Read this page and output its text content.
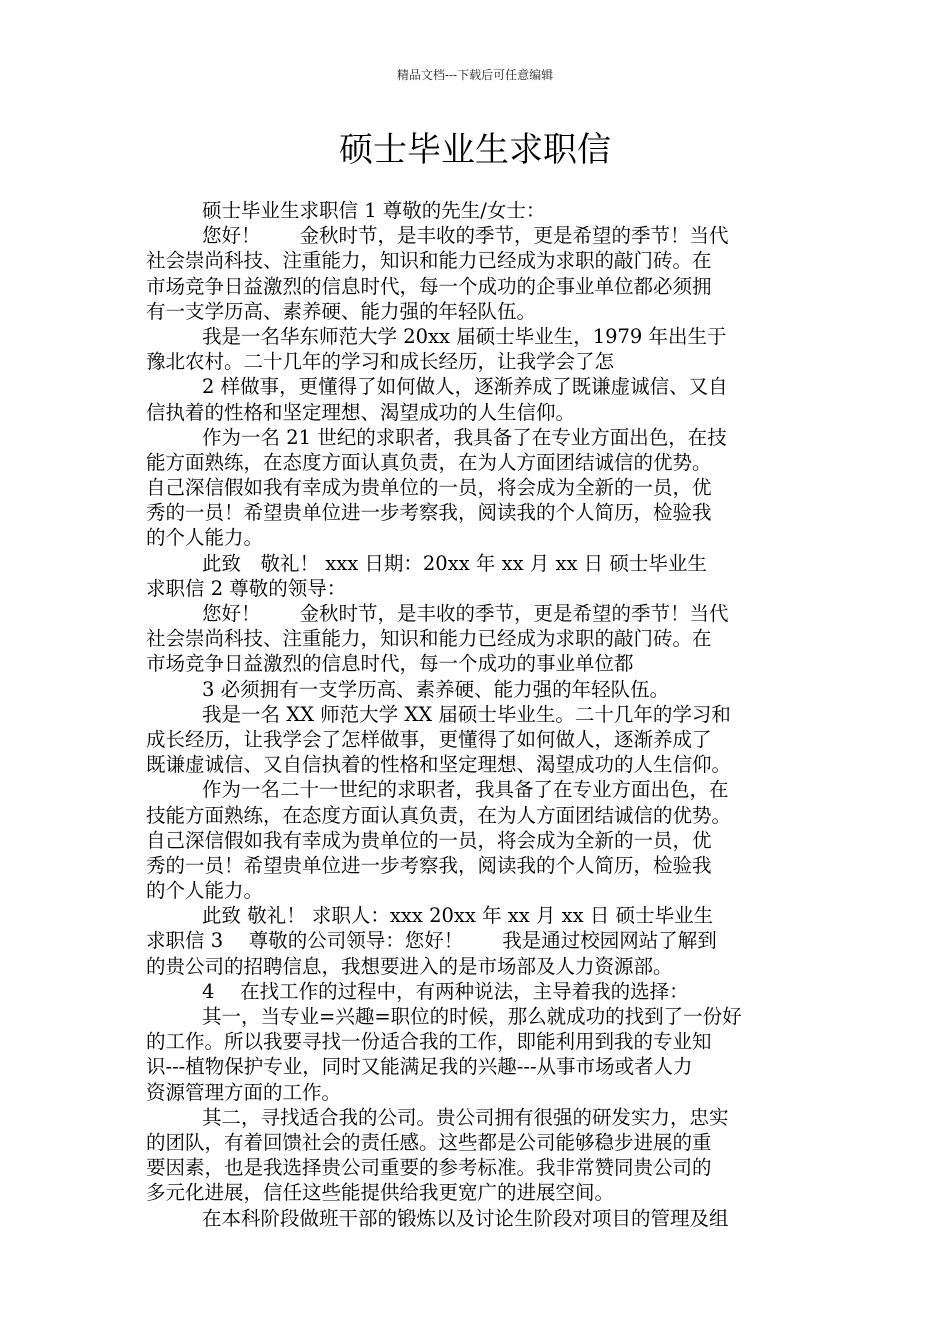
精品文档---下载后可任意编辑
硕士毕业生求职信
硕士毕业生求职信 1 尊敬的先生/女士：
您好！　　金秋时节，是丰收的季节，更是希望的季节！当代
社会崇尚科技、注重能力，知识和能力已经成为求职的敲门砖。在
市场竞争日益激烈的信息时代，每一个成功的企事业单位都必须拥
有一支学历高、素养硬、能力强的年轻队伍。
我是一名华东师范大学 20xx 届硕士毕业生，1979 年出生于
豫北农村。二十几年的学习和成长经历，让我学会了怎
2 样做事，更懂得了如何做人，逐渐养成了既谦虚诚信、又自
信执着的性格和坚定理想、渴望成功的人生信仰。
作为一名 21 世纪的求职者，我具备了在专业方面出色，在技
能方面熟练，在态度方面认真负责，在为人方面团结诚信的优势。
自己深信假如我有幸成为贵单位的一员，将会成为全新的一员，优
秀的一员！希望贵单位进一步考察我，阅读我的个人简历，检验我
的个人能力。
此致　敬礼！ xxx 日期：20xx 年 xx 月 xx 日 硕士毕业生
求职信 2 尊敬的领导：
您好！　　金秋时节，是丰收的季节，更是希望的季节！当代
社会崇尚科技、注重能力，知识和能力已经成为求职的敲门砖。在
市场竞争日益激烈的信息时代，每一个成功的事业单位都
3 必须拥有一支学历高、素养硬、能力强的年轻队伍。
我是一名 XX 师范大学 XX 届硕士毕业生。二十几年的学习和
成长经历，让我学会了怎样做事，更懂得了如何做人，逐渐养成了
既谦虚诚信、又自信执着的性格和坚定理想、渴望成功的人生信仰。
作为一名二十一世纪的求职者，我具备了在专业方面出色，在
技能方面熟练，在态度方面认真负责，在为人方面团结诚信的优势。
自己深信假如我有幸成为贵单位的一员，将会成为全新的一员，优
秀的一员！希望贵单位进一步考察我，阅读我的个人简历，检验我
的个人能力。
此致 敬礼！ 求职人：xxx 20xx 年 xx 月 xx 日 硕士毕业生
求职信 3　 尊敬的公司领导：您好！　　我是通过校园网站了解到
的贵公司的招聘信息，我想要进入的是市场部及人力资源部。
4　 在找工作的过程中，有两种说法，主导着我的选择：
其一，当专业=兴趣=职位的时候，那么就成功的找到了一份好
的工作。所以我要寻找一份适合我的工作，即能利用到我的专业知
识---植物保护专业，同时又能满足我的兴趣---从事市场或者人力
资源管理方面的工作。
其二，寻找适合我的公司。贵公司拥有很强的研发实力，忠实
的团队，有着回馈社会的责任感。这些都是公司能够稳步进展的重
要因素，也是我选择贵公司重要的参考标准。我非常赞同贵公司的
多元化进展，信任这些能提供给我更宽广的进展空间。
在本科阶段做班干部的锻炼以及讨论生阶段对项目的管理及组
